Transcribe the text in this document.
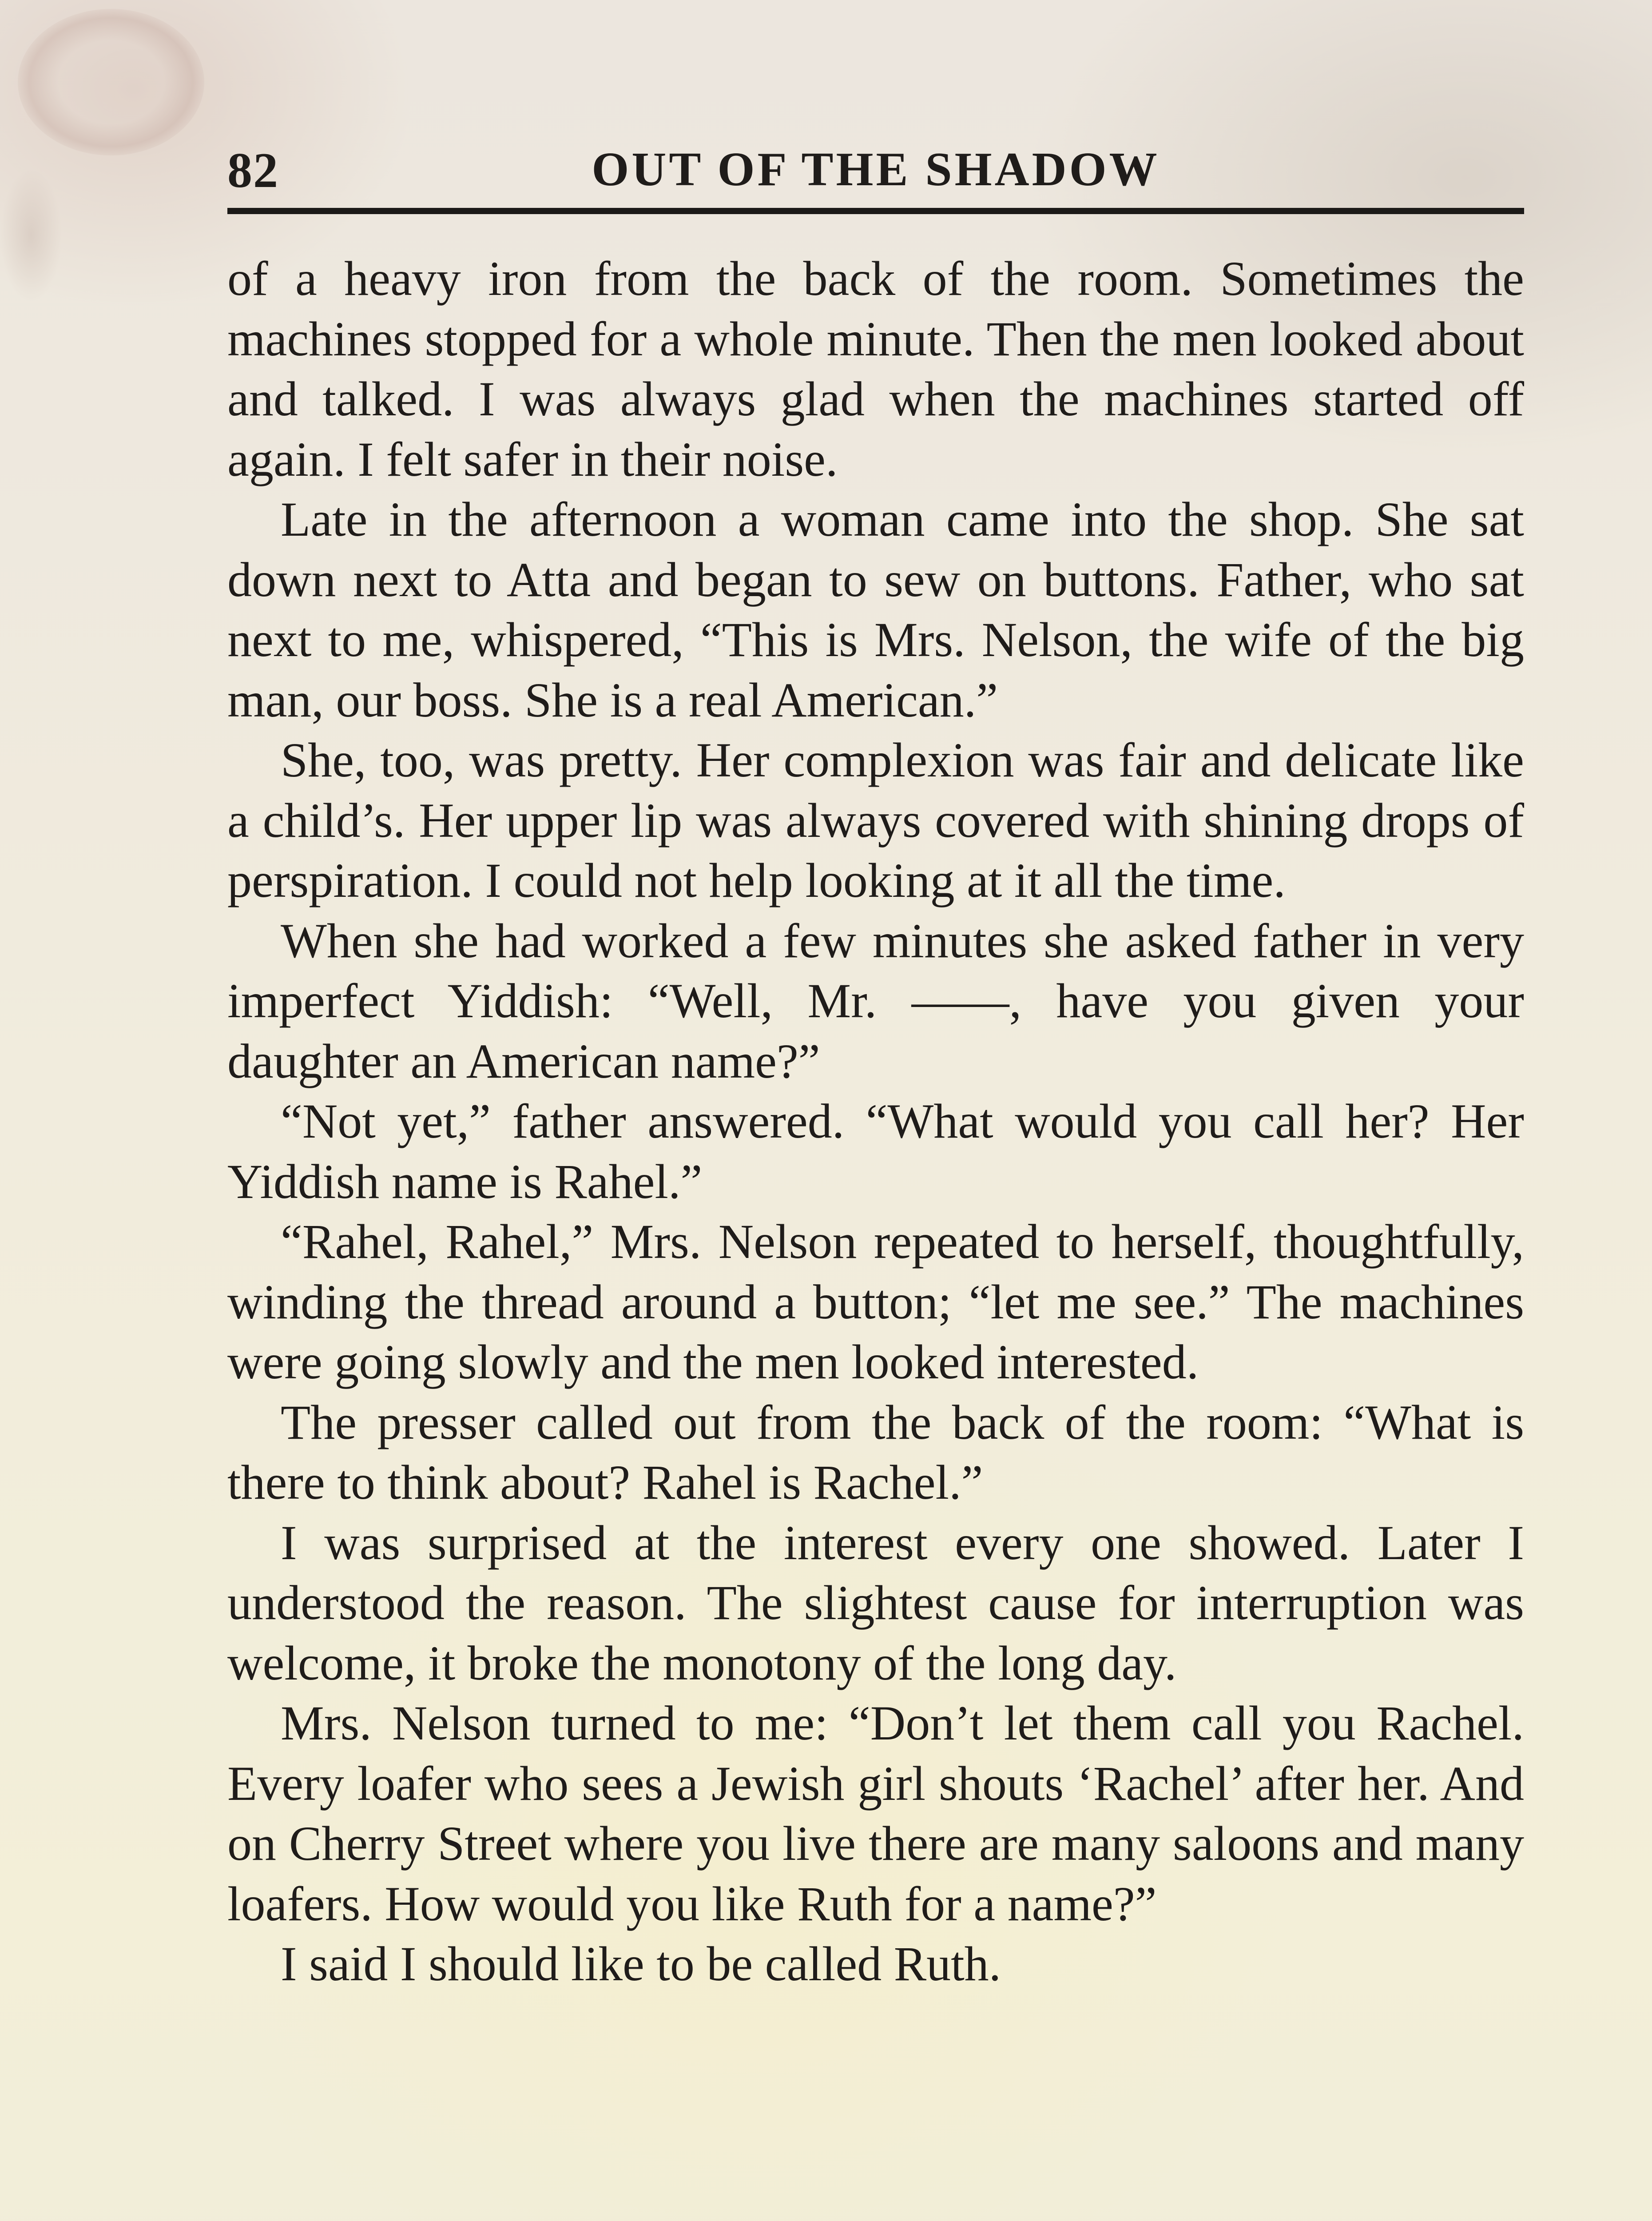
82	OUT OF THE SHADOW

of a heavy iron from the back of the room. Sometimes the machines stopped for a whole minute. Then the men looked about and talked. I was always glad when the machines started off again. I felt safer in their noise.

Late in the afternoon a woman came into the shop. She sat down next to Atta and began to sew on buttons. Father, who sat next to me, whispered, “This is Mrs. Nelson, the wife of the big man, our boss. She is a real American.”

She, too, was pretty. Her complexion was fair and delicate like a child’s. Her upper lip was always covered with shining drops of perspiration. I could not help looking at it all the time.

When she had worked a few minutes she asked father in very imperfect Yiddish: “Well, Mr. ——, have you given your daughter an American name?”

“Not yet,” father answered. “What would you call her? Her Yiddish name is Rahel.”

“Rahel, Rahel,” Mrs. Nelson repeated to herself, thoughtfully, winding the thread around a button; “let me see.” The machines were going slowly and the men looked interested.

The presser called out from the back of the room: “What is there to think about? Rahel is Rachel.”

I was surprised at the interest every one showed. Later I understood the reason. The slightest cause for interruption was welcome, it broke the monotony of the long day.

Mrs. Nelson turned to me: “Don’t let them call you Rachel. Every loafer who sees a Jewish girl shouts ‘Rachel’ after her. And on Cherry Street where you live there are many saloons and many loafers. How would you like Ruth for a name?”

I said I should like to be called Ruth.
